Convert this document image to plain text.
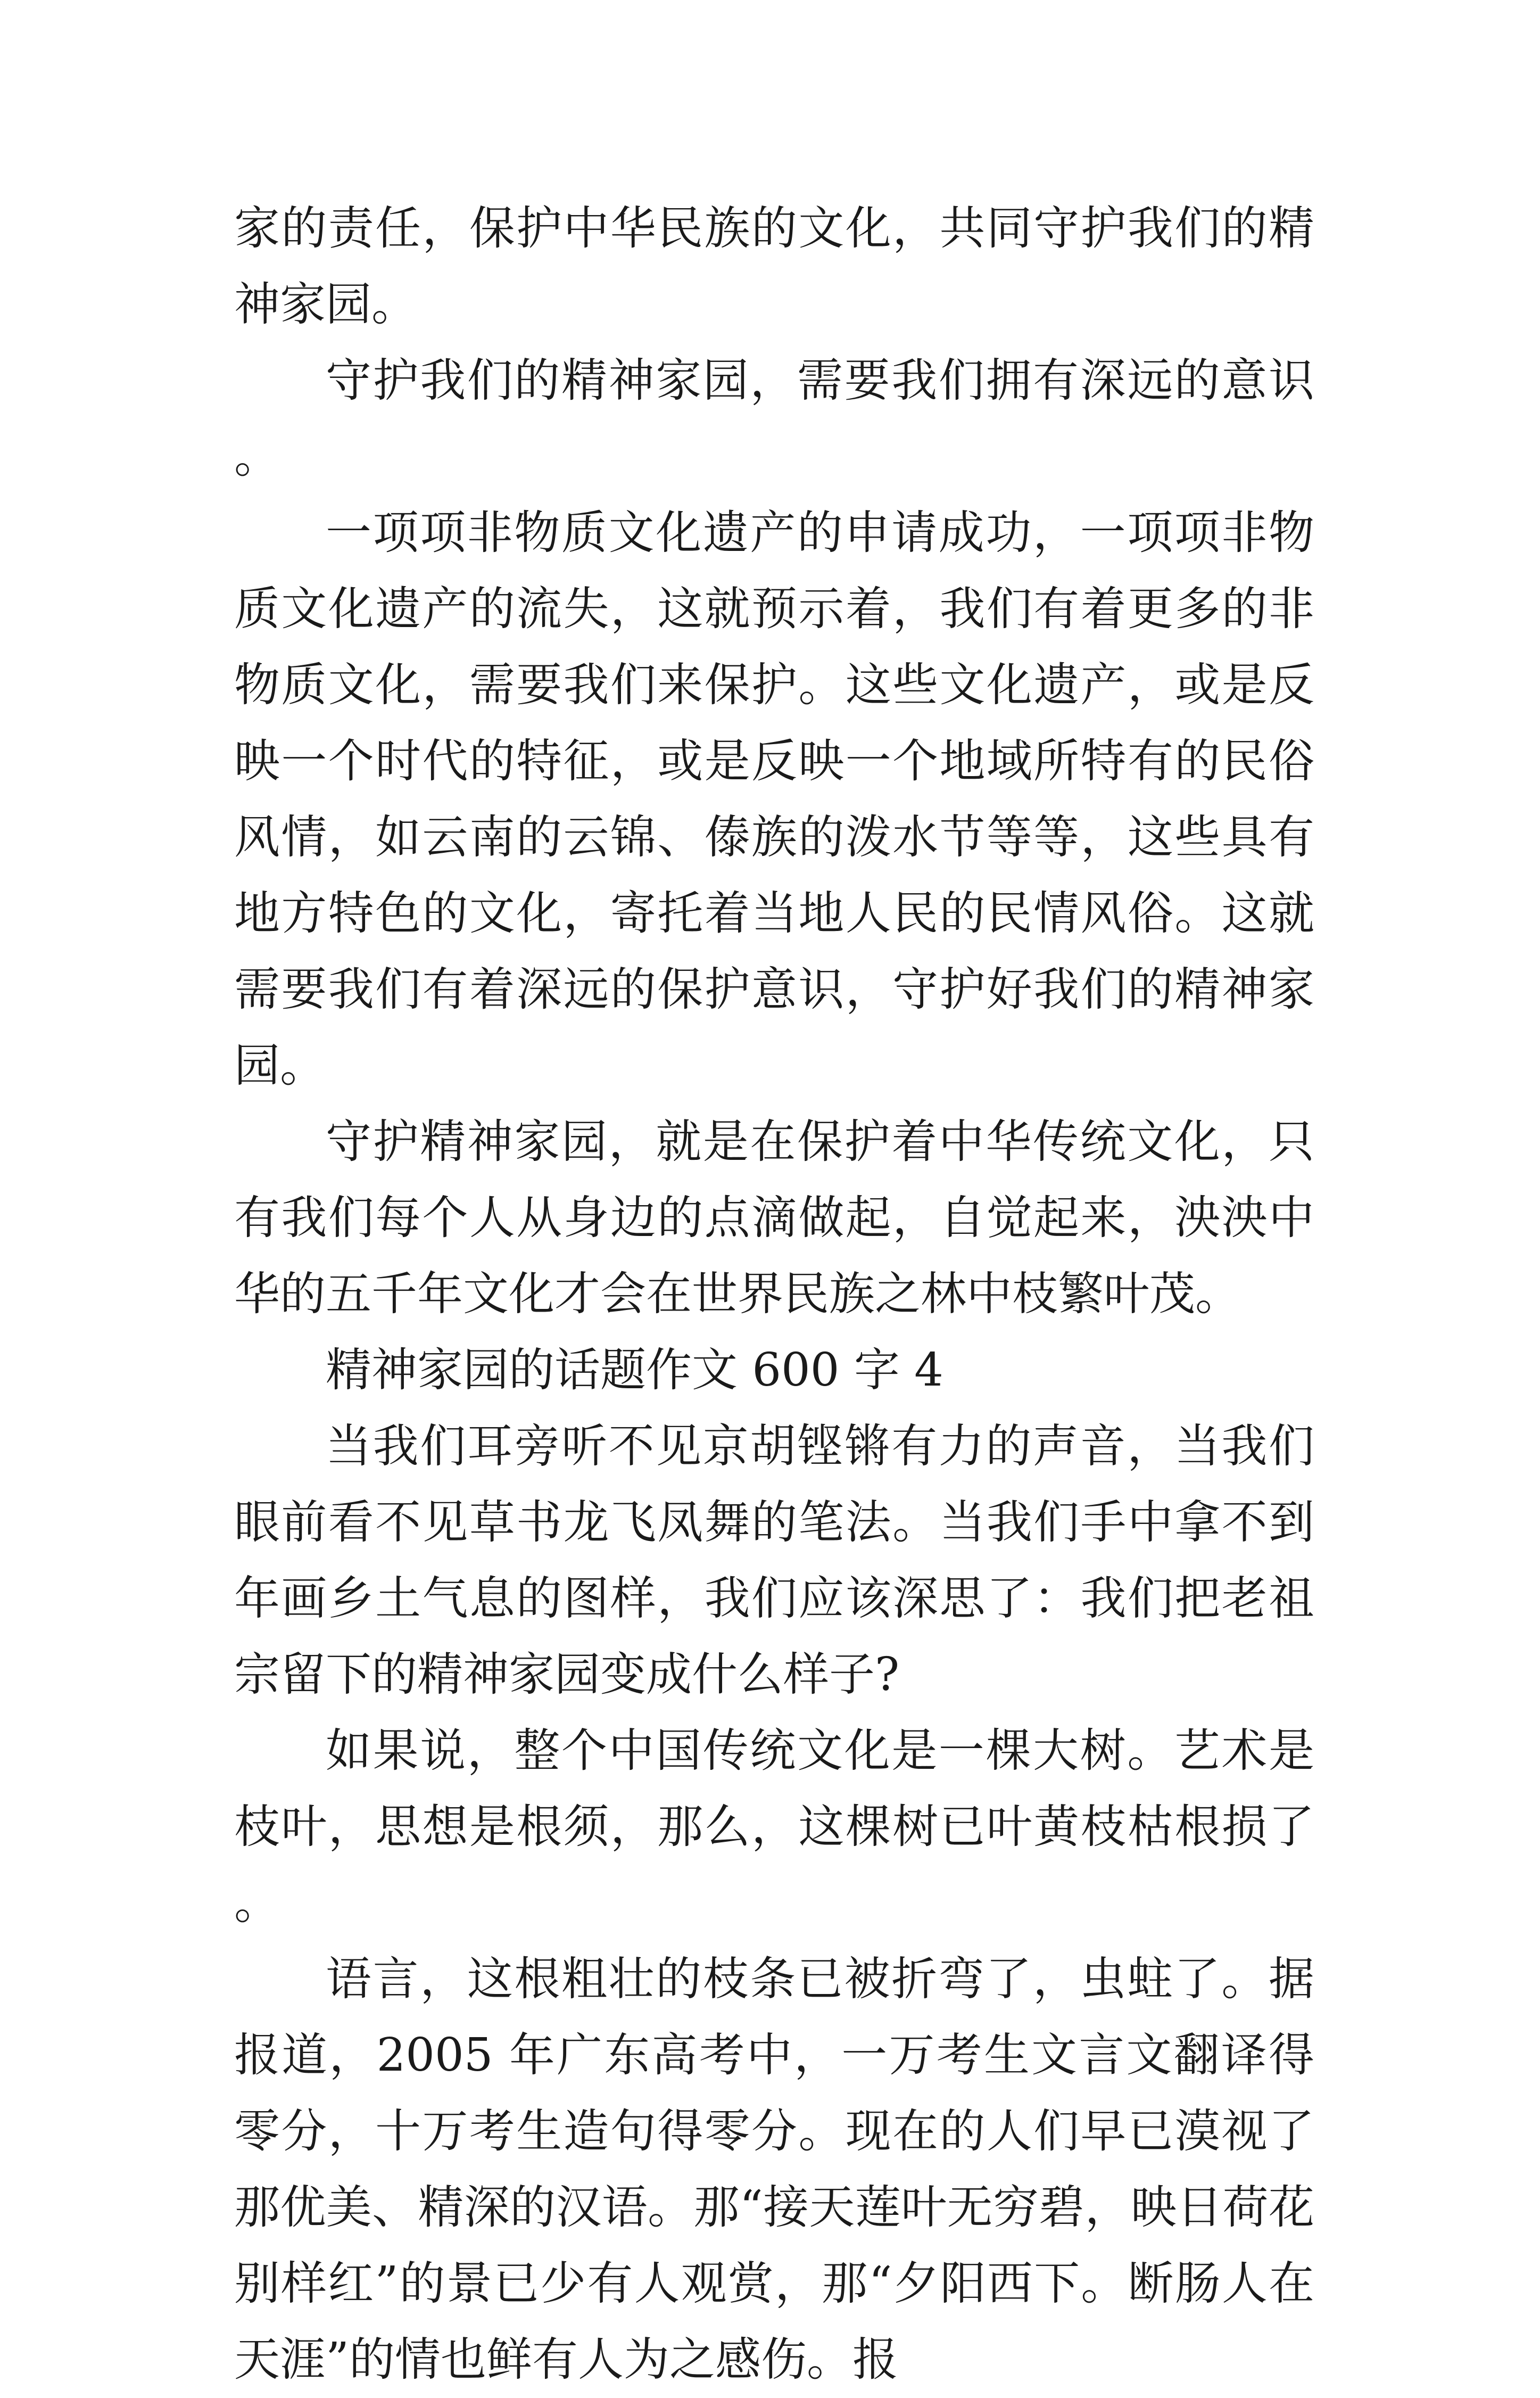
家的责任，保护中华民族的文化，共同守护我们的精神家园。

守护我们的精神家园，需要我们拥有深远的意识。

一项项非物质文化遗产的申请成功，一项项非物质文化遗产的流失，这就预示着，我们有着更多的非物质文化，需要我们来保护。这些文化遗产，或是反映一个时代的特征，或是反映一个地域所特有的民俗风情，如云南的云锦、傣族的泼水节等等，这些具有地方特色的文化，寄托着当地人民的民情风俗。这就需要我们有着深远的保护意识，守护好我们的精神家园。

守护精神家园，就是在保护着中华传统文化，只有我们每个人从身边的点滴做起，自觉起来，泱泱中华的五千年文化才会在世界民族之林中枝繁叶茂。

精神家园的话题作文 600 字 4

当我们耳旁听不见京胡铿锵有力的声音，当我们眼前看不见草书龙飞凤舞的笔法。当我们手中拿不到年画乡土气息的图样，我们应该深思了：我们把老祖宗留下的精神家园变成什么样子?

如果说，整个中国传统文化是一棵大树。艺术是枝叶，思想是根须，那么，这棵树已叶黄枝枯根损了。

语言，这根粗壮的枝条已被折弯了，虫蛀了。据报道，2005 年广东高考中，一万考生文言文翻译得零分，十万考生造句得零分。现在的人们早已漠视了那优美、精深的汉语。那“接天莲叶无穷碧，映日荷花别样红”的景已少有人观赏，那“夕阳西下。断肠人在天涯”的情也鲜有人为之感伤。报
